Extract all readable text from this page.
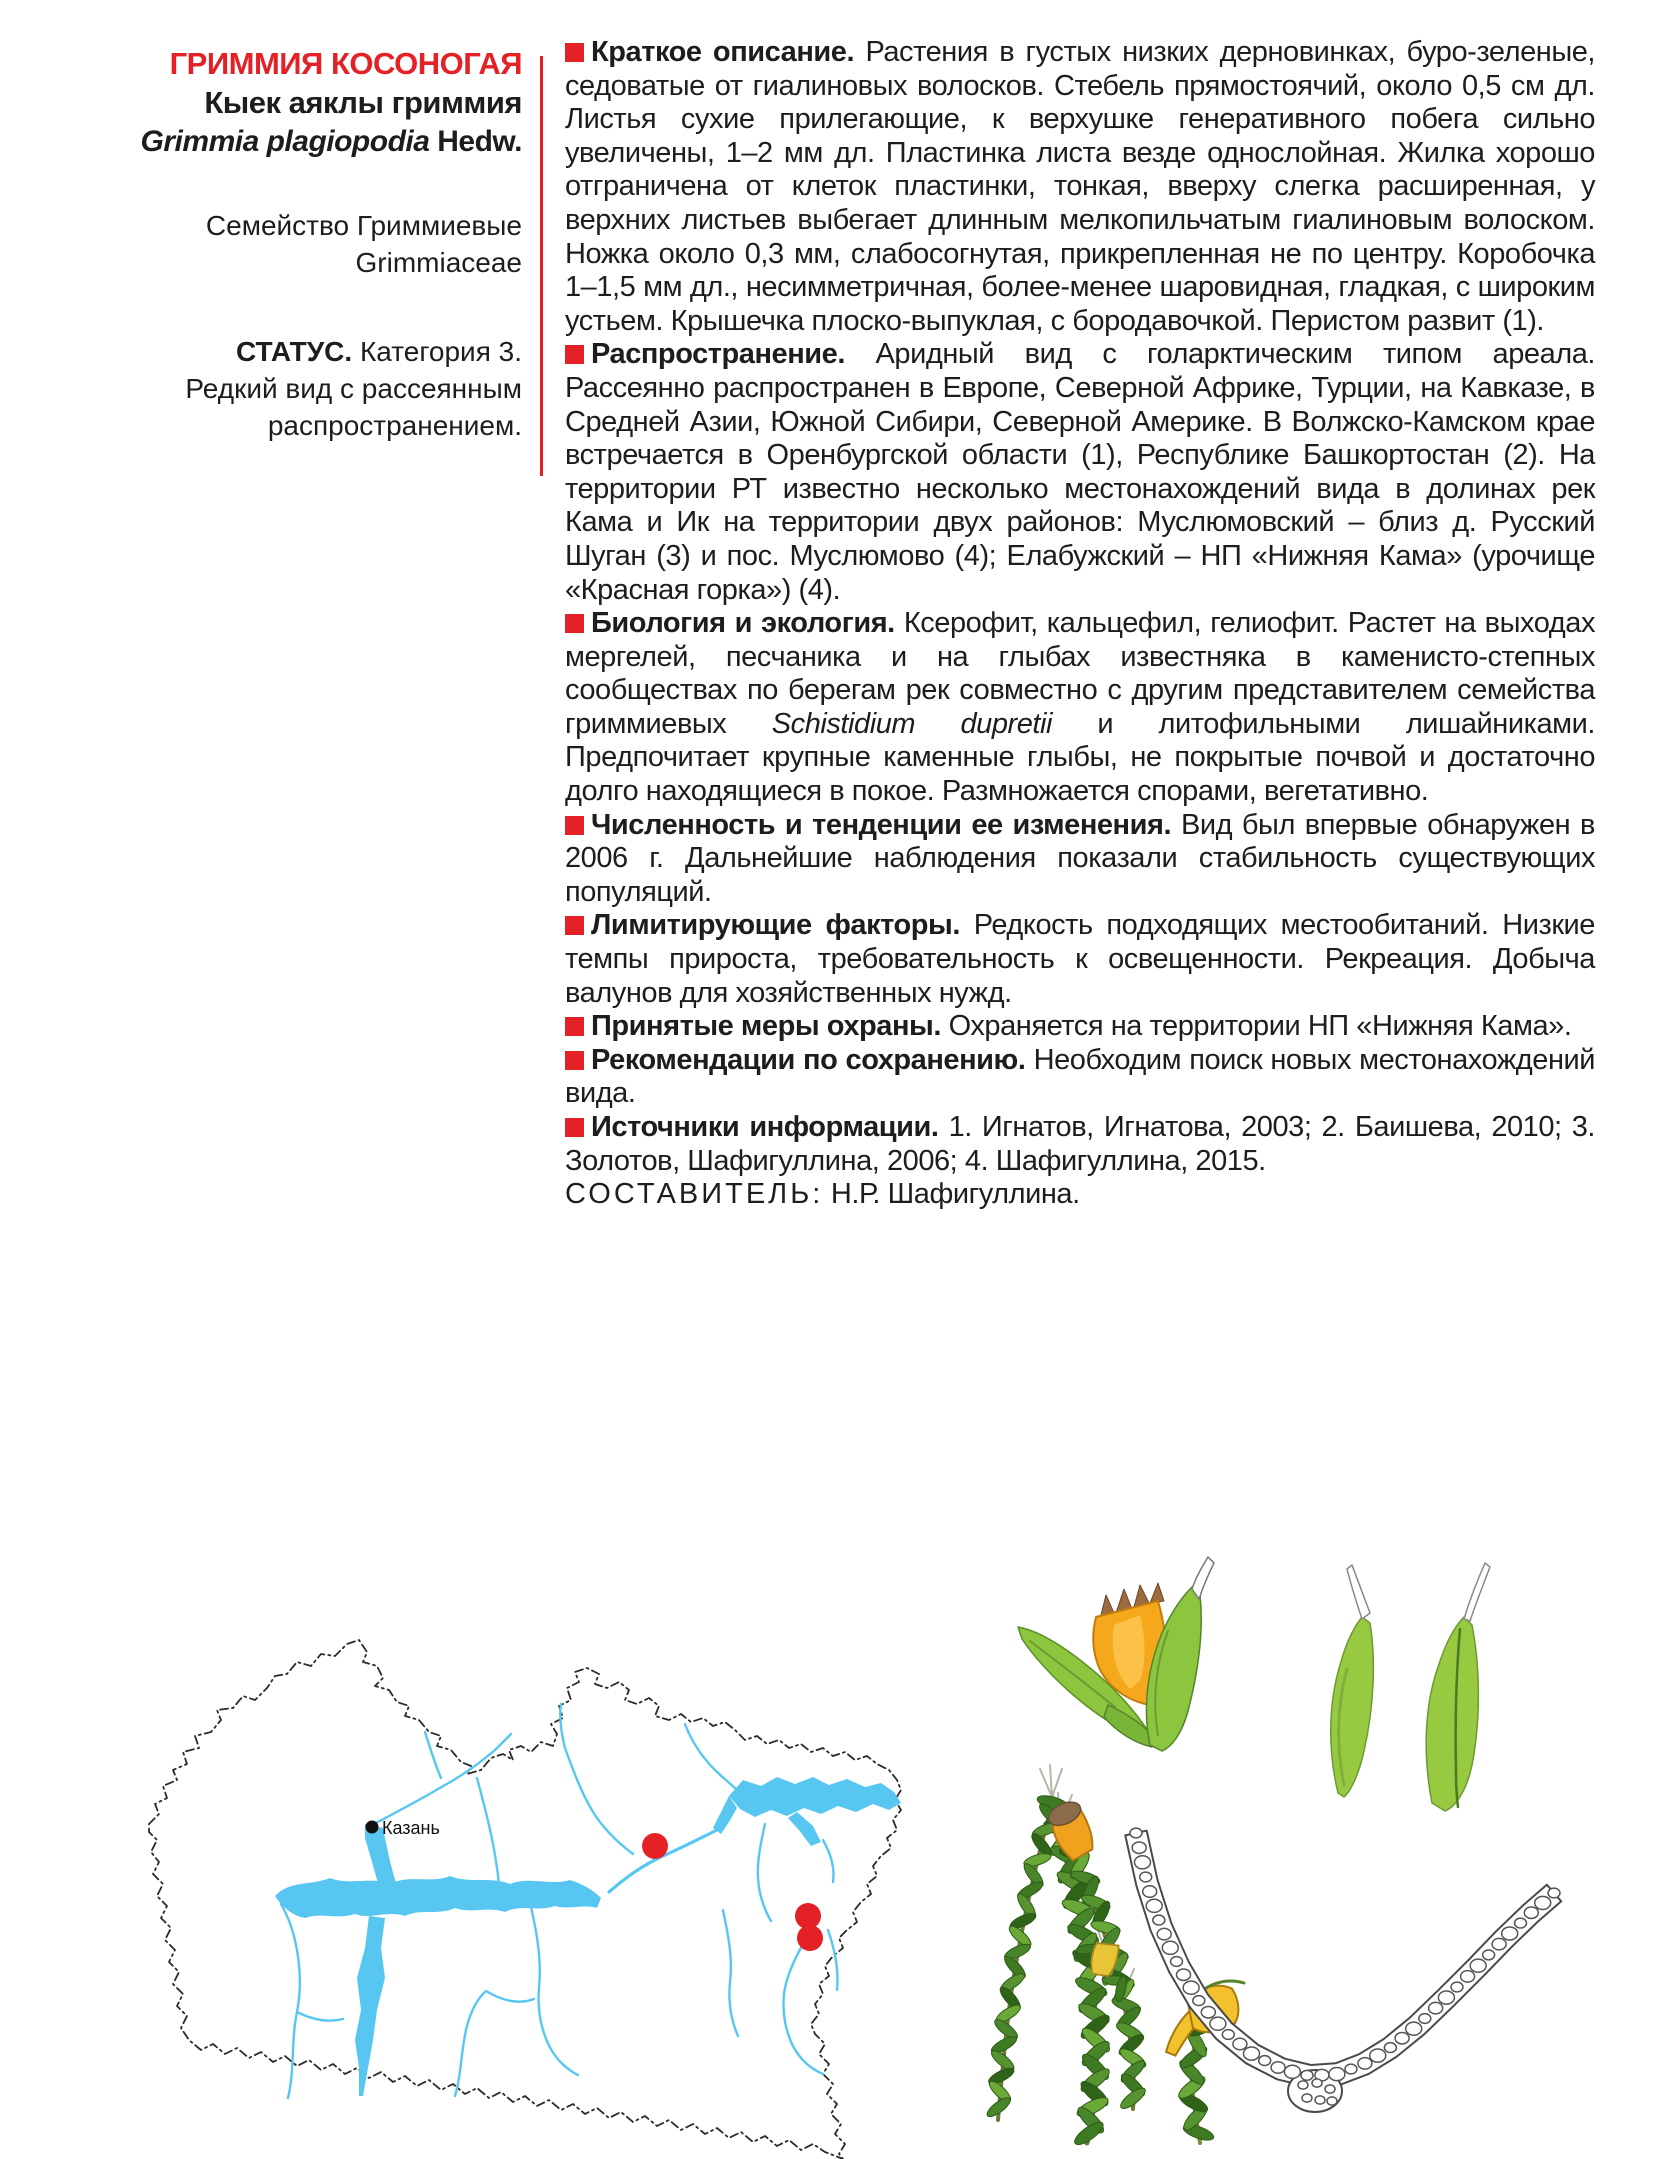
ГРИММИЯ КОСОНОГАЯ
Кыек аяклы гриммия
Grimmia plagiopodia Hedw.
Семейство Гриммиевые
Grimmiaceae
СТАТУС. Категория 3.
Редкий вид с рассеянным
распространением.

Краткое описание. Растения в густых низких дерновинках, буро-зеленые, седоватые от гиалиновых волосков. Стебель прямостоячий, около 0,5 см дл. Листья сухие прилегающие, к верхушке генеративного побега сильно увеличены, 1–2 мм дл. Пластинка листа везде однослойная. Жилка хорошо отграничена от клеток пластинки, тонкая, вверху слегка расширенная, у верхних листьев выбегает длинным мелкопильчатым гиалиновым волоском. Ножка около 0,3 мм, слабосогнутая, прикрепленная не по центру. Коробочка 1–1,5 мм дл., несимметричная, более-менее шаровидная, гладкая, с широким устьем. Крышечка плоско-выпуклая, с бородавочкой. Перистом развит (1).

Распространение. Аридный вид с голарктическим типом ареала. Рассеянно распространен в Европе, Северной Африке, Турции, на Кавказе, в Средней Азии, Южной Сибири, Северной Америке. В Волжско-Камском крае встречается в Оренбургской области (1), Республике Башкортостан (2). На территории РТ известно несколько местонахождений вида в долинах рек Кама и Ик на территории двух районов: Муслюмовский – близ д. Русский Шуган (3) и пос. Муслюмово (4); Елабужский – НП «Нижняя Кама» (урочище «Красная горка») (4).

Биология и экология. Ксерофит, кальцефил, гелиофит. Растет на выходах мергелей, песчаника и на глыбах известняка в каменисто-степных сообществах по берегам рек совместно с другим представителем семейства гриммиевых Schistidium dupretii и литофильными лишайниками. Предпочитает крупные каменные глыбы, не покрытые почвой и достаточно долго находящиеся в покое. Размножается спорами, вегетативно.

Численность и тенденции ее изменения. Вид был впервые обнаружен в 2006 г. Дальнейшие наблюдения показали стабильность существующих популяций.

Лимитирующие факторы. Редкость подходящих местообитаний. Низкие темпы прироста, требовательность к освещенности. Рекреация. Добыча валунов для хозяйственных нужд.

Принятые меры охраны. Охраняется на территории НП «Нижняя Кама».

Рекомендации по сохранению. Необходим поиск новых местонахождений вида.

Источники информации. 1. Игнатов, Игнатова, 2003; 2. Баишева, 2010; 3. Золотов, Шафигуллина, 2006; 4. Шафигуллина, 2015.

СОСТАВИТЕЛЬ: Н.Р. Шафигуллина.

Казань
